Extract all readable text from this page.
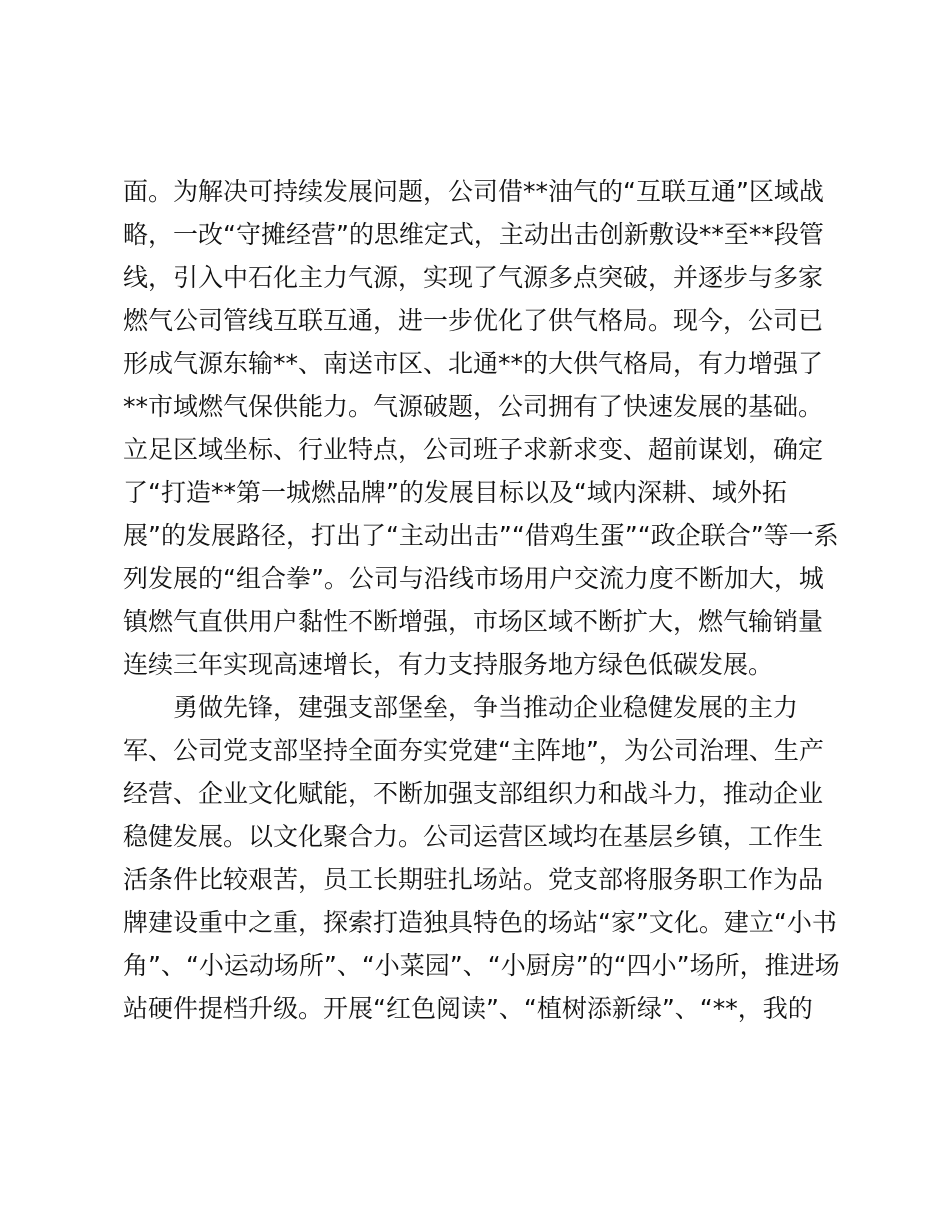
面。为解决可持续发展问题，公司借**油气的“互联互通”区域战
略，一改“守摊经营”的思维定式，主动出击创新敷设**至**段管
线，引入中石化主力气源，实现了气源多点突破，并逐步与多家
燃气公司管线互联互通，进一步优化了供气格局。现今，公司已
形成气源东输**、南送市区、北通**的大供气格局，有力增强了
**市域燃气保供能力。气源破题，公司拥有了快速发展的基础。
立足区域坐标、行业特点，公司班子求新求变、超前谋划，确定
了“打造**第一城燃品牌”的发展目标以及“域内深耕、域外拓
展”的发展路径，打出了“主动出击”“借鸡生蛋”“政企联合”等一系
列发展的“组合拳”。公司与沿线市场用户交流力度不断加大，城
镇燃气直供用户黏性不断增强，市场区域不断扩大，燃气输销量
连续三年实现高速增长，有力支持服务地方绿色低碳发展。
　　勇做先锋，建强支部堡垒，争当推动企业稳健发展的主力
军、公司党支部坚持全面夯实党建“主阵地”，为公司治理、生产
经营、企业文化赋能，不断加强支部组织力和战斗力，推动企业
稳健发展。以文化聚合力。公司运营区域均在基层乡镇，工作生
活条件比较艰苦，员工长期驻扎场站。党支部将服务职工作为品
牌建设重中之重，探索打造独具特色的场站“家”文化。建立“小书
角”、“小运动场所”、“小菜园”、“小厨房”的“四小”场所，推进场
站硬件提档升级。开展“红色阅读”、“植树添新绿”、“**，我的
